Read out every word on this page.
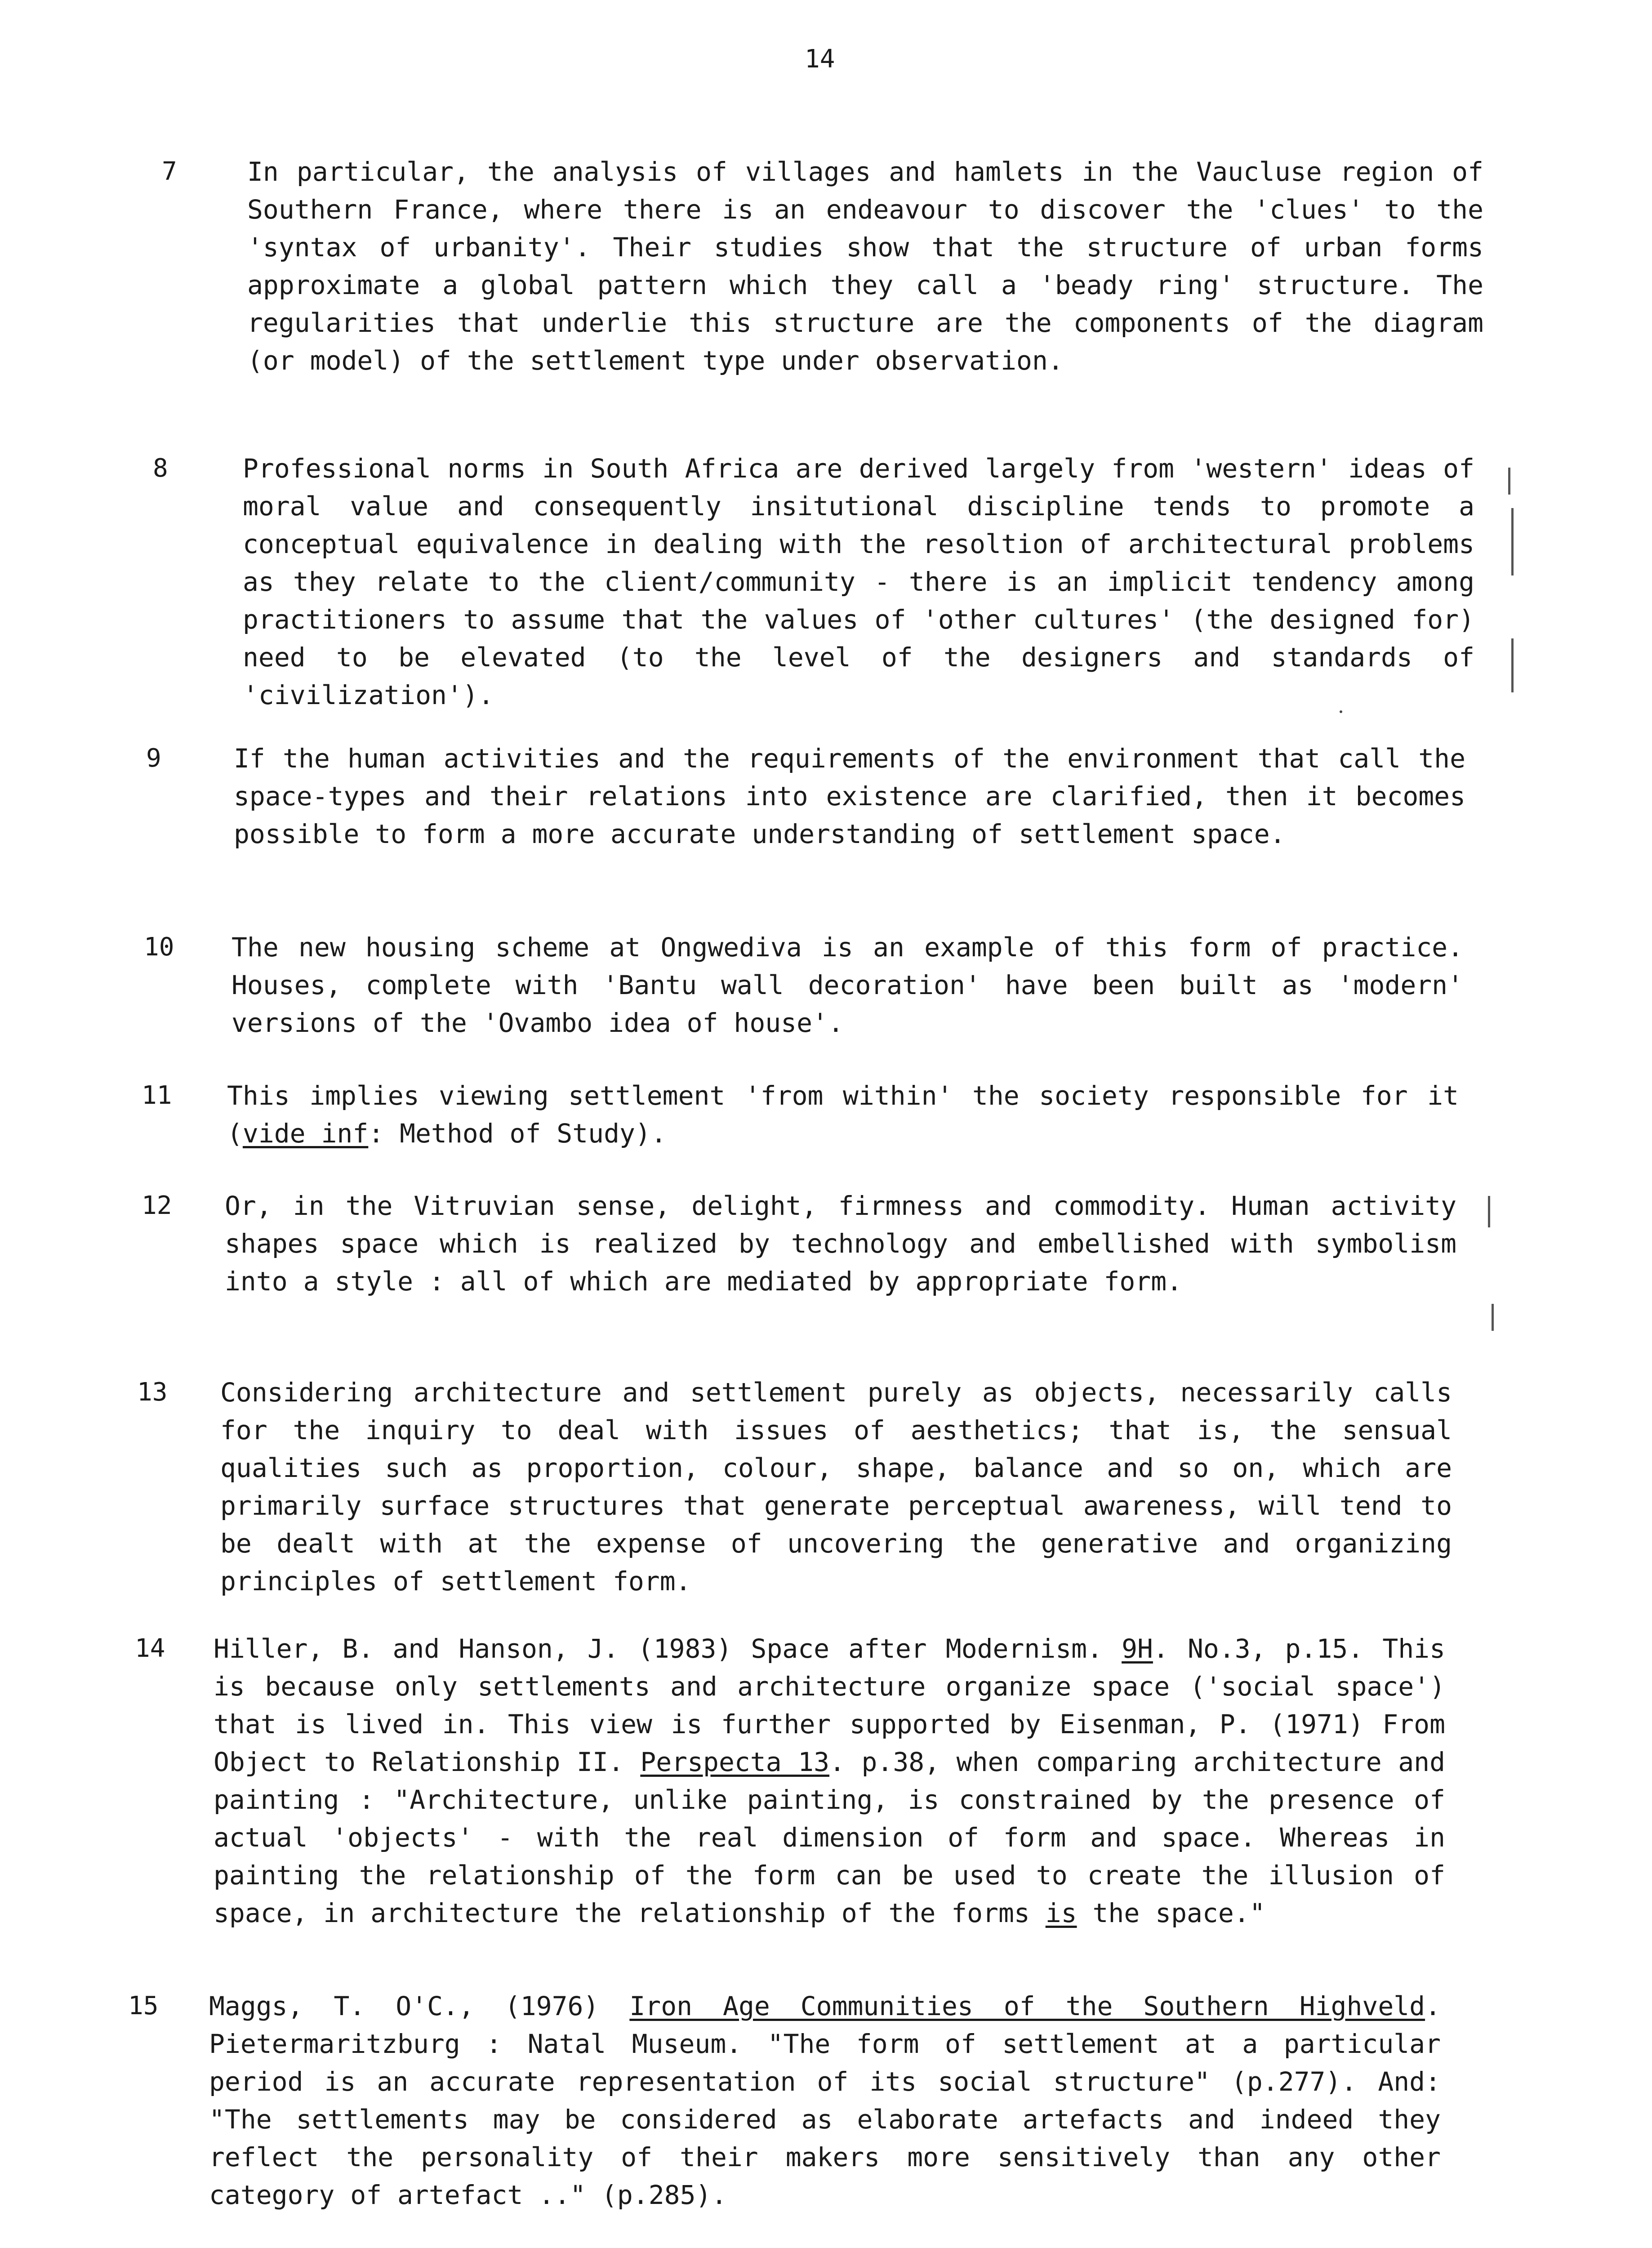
14
7	In particular, the analysis of villages and hamlets in the Vaucluse region of Southern France, where there is an endeavour to discover the 'clues' to the 'syntax of urbanity'. Their studies show that the structure of urban forms approximate a global pattern which they call a 'beady ring' structure. The regularities that underlie this structure are the components of the diagram (or model) of the settlement type under observation.
8	Professional norms in South Africa are derived largely from 'western' ideas of moral value and consequently insitutional discipline tends to promote a conceptual equivalence in dealing with the resoltion of architectural problems as they relate to the client/community - there is an implicit tendency among practitioners to assume that the values of 'other cultures' (the designed for) need to be elevated (to the level of the designers and standards of 'civilization').
9	If the human activities and the requirements of the environment that call the space-types and their relations into existence are clarified, then it becomes possible to form a more accurate understanding of settlement space.
10	The new housing scheme at Ongwediva is an example of this form of practice. Houses, complete with 'Bantu wall decoration' have been built as 'modern' versions of the 'Ovambo idea of house'.
11	This implies viewing settlement 'from within' the society responsible for it (vide inf: Method of Study).
12	Or, in the Vitruvian sense, delight, firmness and commodity. Human activity shapes space which is realized by technology and embellished with symbolism into a style : all of which are mediated by appropriate form.
13	Considering architecture and settlement purely as objects, necessarily calls for the inquiry to deal with issues of aesthetics; that is, the sensual qualities such as proportion, colour, shape, balance and so on, which are primarily surface structures that generate perceptual awareness, will tend to be dealt with at the expense of uncovering the generative and organizing principles of settlement form.
14	Hiller, B. and Hanson, J. (1983) Space after Modernism. 9H. No.3, p.15. This is because only settlements and architecture organize space ('social space') that is lived in. This view is further supported by Eisenman, P. (1971) From Object to Relationship II. Perspecta 13. p.38, when comparing architecture and painting : "Architecture, unlike painting, is constrained by the presence of actual 'objects' - with the real dimension of form and space. Whereas in painting the relationship of the form can be used to create the illusion of space, in architecture the relationship of the forms is the space."
15	Maggs, T. O'C., (1976) Iron Age Communities of the Southern Highveld. Pietermaritzburg : Natal Museum. "The form of settlement at a particular period is an accurate representation of its social structure" (p.277). And: "The settlements may be considered as elaborate artefacts and indeed they reflect the personality of their makers more sensitively than any other category of artefact .." (p.285).
